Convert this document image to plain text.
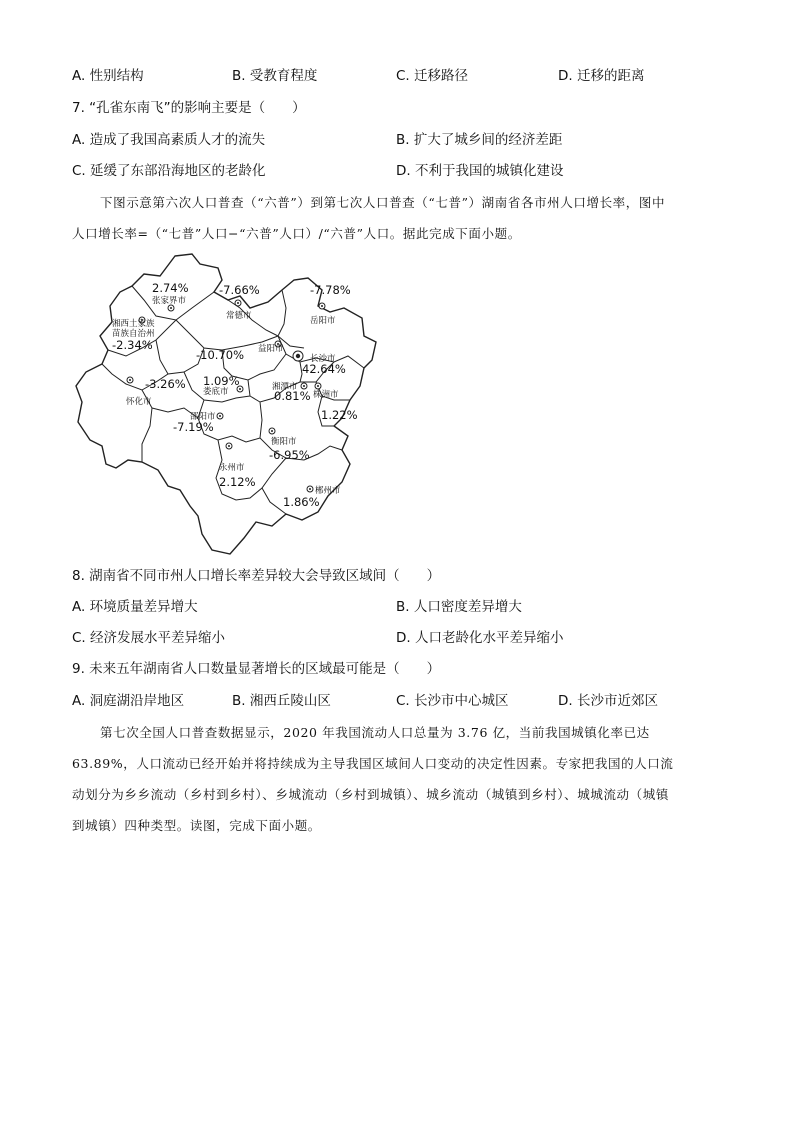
A. 性别结构	B. 受教育程度	C. 迁移路径	D. 迁移的距离
7. “孔雀东南飞”的影响主要是（　　）
A. 造成了我国高素质人才的流失	B. 扩大了城乡间的经济差距
C. 延缓了东部沿海地区的老龄化	D. 不利于我国的城镇化建设
下图示意第六次人口普查（“六普”）到第七次人口普查（“七普”）湖南省各市州人口增长率，图中
人口增长率=（“七普”人口−“六普”人口）/“六普”人口。据此完成下面小题。
2.74%
张家界市
-7.66%
常德市
-7.78%
岳阳市
湘西土家族
苗族自治州
-2.34%	益阳市
-10.70%	长沙市
42.64%
-3.26%
怀化市
1.09%
娄底市	湘潭市
0.81% 株洲市
1.22%
邵阳市
-7.19%
衡阳市
-6.95%
永州市
2.12%
郴州市
1.86%
8. 湖南省不同市州人口增长率差异较大会导致区域间（　　）
A. 环境质量差异增大	B. 人口密度差异增大
C. 经济发展水平差异缩小	D. 人口老龄化水平差异缩小
9. 未来五年湖南省人口数量显著增长的区域最可能是（　　）
A. 洞庭湖沿岸地区	B. 湘西丘陵山区	C. 长沙市中心城区	D. 长沙市近郊区
第七次全国人口普查数据显示，2020 年我国流动人口总量为 3.76 亿，当前我国城镇化率已达
63.89%，人口流动已经开始并将持续成为主导我国区域间人口变动的决定性因素。专家把我国的人口流
动划分为乡乡流动（乡村到乡村）、乡城流动（乡村到城镇）、城乡流动（城镇到乡村）、城城流动（城镇
到城镇）四种类型。读图，完成下面小题。
